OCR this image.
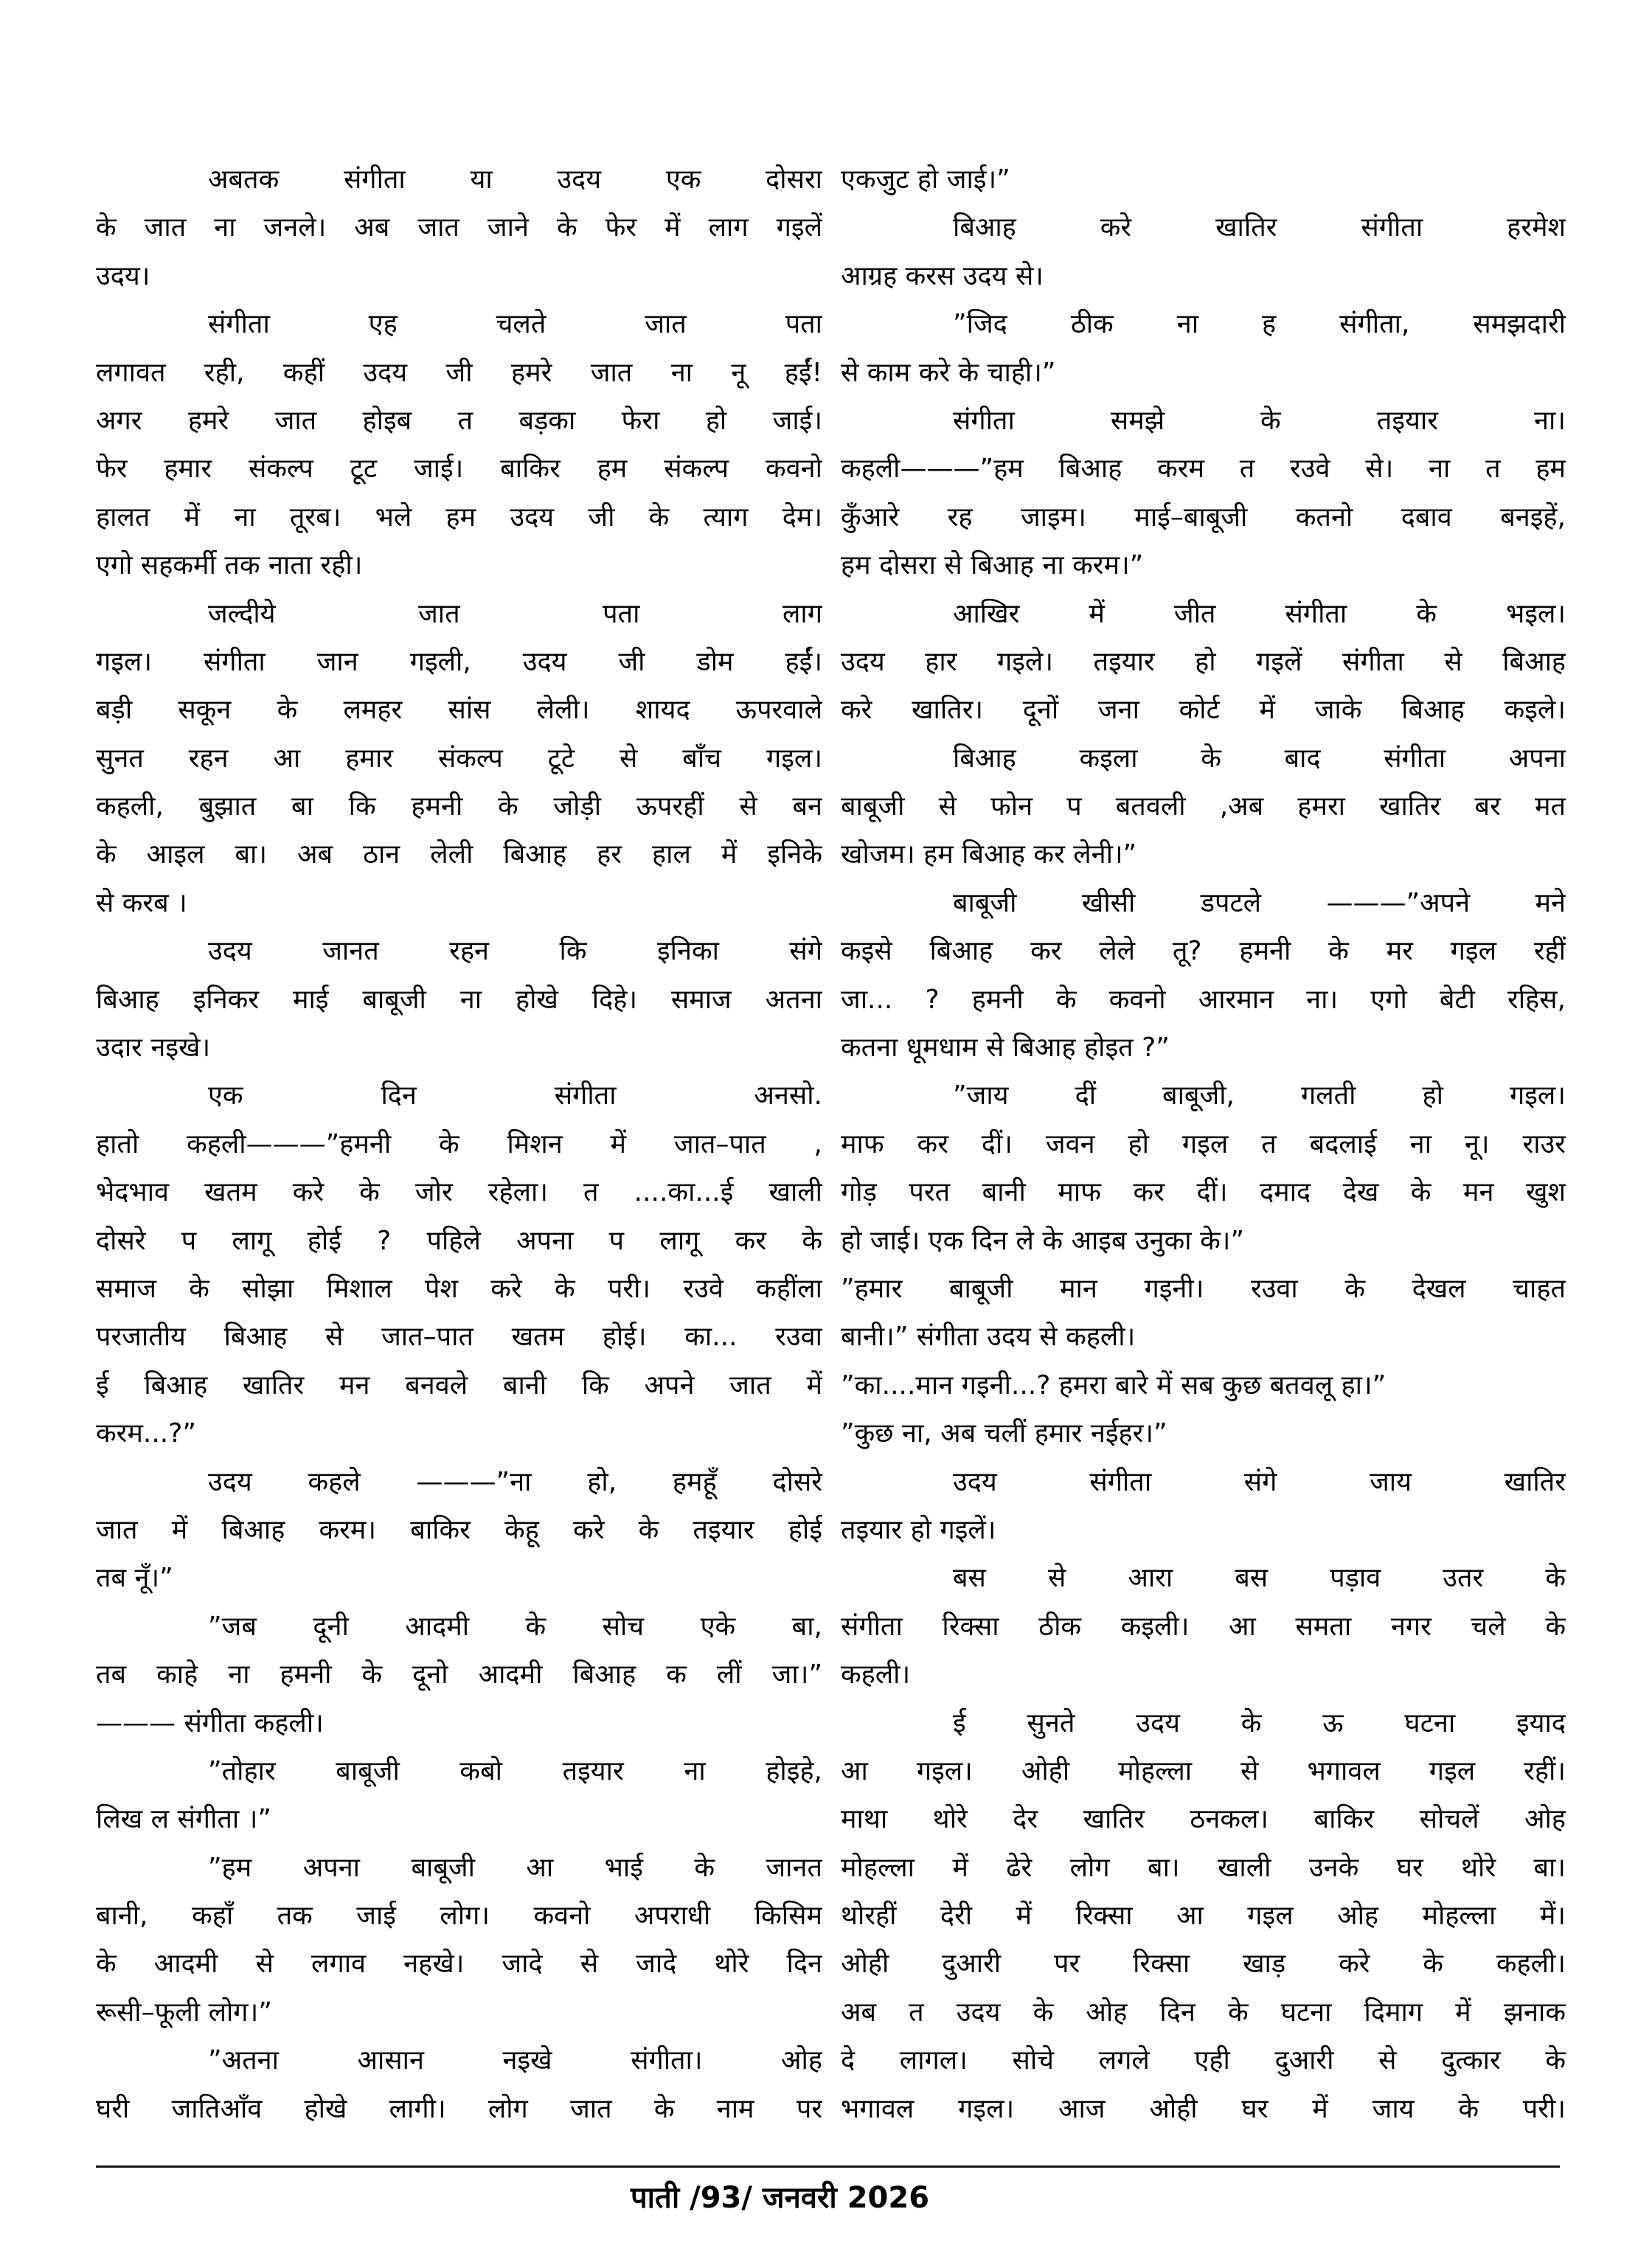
अबतक संगीता या उदय एक दोसरा
के जात ना जनले। अब जात जाने के फेर में लाग गइलें
उदय।
संगीता एह चलते जात पता
लगावत रही, कहीं उदय जी हमरे जात ना नू हईं!
अगर हमरे जात होइब त बड़का फेरा हो जाई।
फेर हमार संकल्प टूट जाई। बाकिर हम संकल्प कवनो
हालत में ना तूरब। भले हम उदय जी के त्याग देम।
एगो सहकर्मी तक नाता रही।
जल्दीये जात पता लाग
गइल। संगीता जान गइली, उदय जी डोम हईं।
बड़ी सकून के लमहर सांस लेली। शायद ऊपरवाले
सुनत रहन आ हमार संकल्प टूटे से बाँच गइल।
कहली, बुझात बा कि हमनी के जोड़ी ऊपरहीं से बन
के आइल बा। अब ठान लेली बिआह हर हाल में इनिके
से करब ।
उदय जानत रहन कि इनिका संगे
बिआह इनिकर माई बाबूजी ना होखे दिहे। समाज अतना
उदार नइखे।
एक दिन संगीता अनसो.
हातो कहली———”हमनी के मिशन में जात–पात ,
भेदभाव खतम करे के जोर रहेला। त ....का...ई खाली
दोसरे प लागू होई ? पहिले अपना प लागू कर के
समाज के सोझा मिशाल पेश करे के परी। रउवे कहींला
परजातीय बिआह से जात–पात खतम होई। का... रउवा
ई बिआह खातिर मन बनवले बानी कि अपने जात में
करम...?”
उदय कहले ———”ना हो, हमहूँ दोसरे
जात में बिआह करम। बाकिर केहू करे के तइयार होई
तब नूँ।”
”जब दूनी आदमी के सोच एके बा,
तब काहे ना हमनी के दूनो आदमी बिआह क लीं जा।”
——— संगीता कहली।
”तोहार बाबूजी कबो तइयार ना होइहे,
लिख ल संगीता ।”
”हम अपना बाबूजी आ भाई के जानत
बानी, कहाँ तक जाई लोग। कवनो अपराधी किसिम
के आदमी से लगाव नहखे। जादे से जादे थोरे दिन
रूसी–फूली लोग।”
”अतना आसान नइखे संगीता। ओह
घरी जातिआँव होखे लागी। लोग जात के नाम पर
एकजुट हो जाई।”
बिआह करे खातिर संगीता हरमेश
आग्रह करस उदय से।
”जिद ठीक ना ह संगीता, समझदारी
से काम करे के चाही।”
संगीता समझे के तइयार ना।
कहली———”हम बिआह करम त रउवे से। ना त हम
कुँआरे रह जाइम। माई–बाबूजी कतनो दबाव बनइहें,
हम दोसरा से बिआह ना करम।”
आखिर में जीत संगीता के भइल।
उदय हार गइले। तइयार हो गइलें संगीता से बिआह
करे खातिर। दूनों जना कोर्ट में जाके बिआह कइले।
बिआह कइला के बाद संगीता अपना
बाबूजी से फोन प बतवली ,अब हमरा खातिर बर मत
खोजम। हम बिआह कर लेनी।”
बाबूजी खीसी डपटले ———”अपने मने
कइसे बिआह कर लेले तू? हमनी के मर गइल रहीं
जा... ? हमनी के कवनो आरमान ना। एगो बेटी रहिस,
कतना धूमधाम से बिआह होइत ?”
”जाय दीं बाबूजी, गलती हो गइल।
माफ कर दीं। जवन हो गइल त बदलाई ना नू। राउर
गोड़ परत बानी माफ कर दीं। दमाद देख के मन खुश
हो जाई। एक दिन ले के आइब उनुका के।”
”हमार बाबूजी मान गइनी। रउवा के देखल चाहत
बानी।” संगीता उदय से कहली।
”का....मान गइनी...? हमरा बारे में सब कुछ बतवलू हा।”
”कुछ ना, अब चलीं हमार नईहर।”
उदय संगीता संगे जाय खातिर
तइयार हो गइलें।
बस से आरा बस पड़ाव उतर के
संगीता रिक्सा ठीक कइली। आ समता नगर चले के
कहली।
ई सुनते उदय के ऊ घटना इयाद
आ गइल। ओही मोहल्ला से भगावल गइल रहीं।
माथा थोरे देर खातिर ठनकल। बाकिर सोचलें ओह
मोहल्ला में ढेरे लोग बा। खाली उनके घर थोरे बा।
थोरहीं देरी में रिक्सा आ गइल ओह मोहल्ला में।
ओही दुआरी पर रिक्सा खाड़ करे के कहली।
अब त उदय के ओह दिन के घटना दिमाग में झनाक
दे लागल। सोचे लगले एही दुआरी से दुत्कार के
भगावल गइल। आज ओही घर में जाय के परी।
पाती /93/ जनवरी 2026
